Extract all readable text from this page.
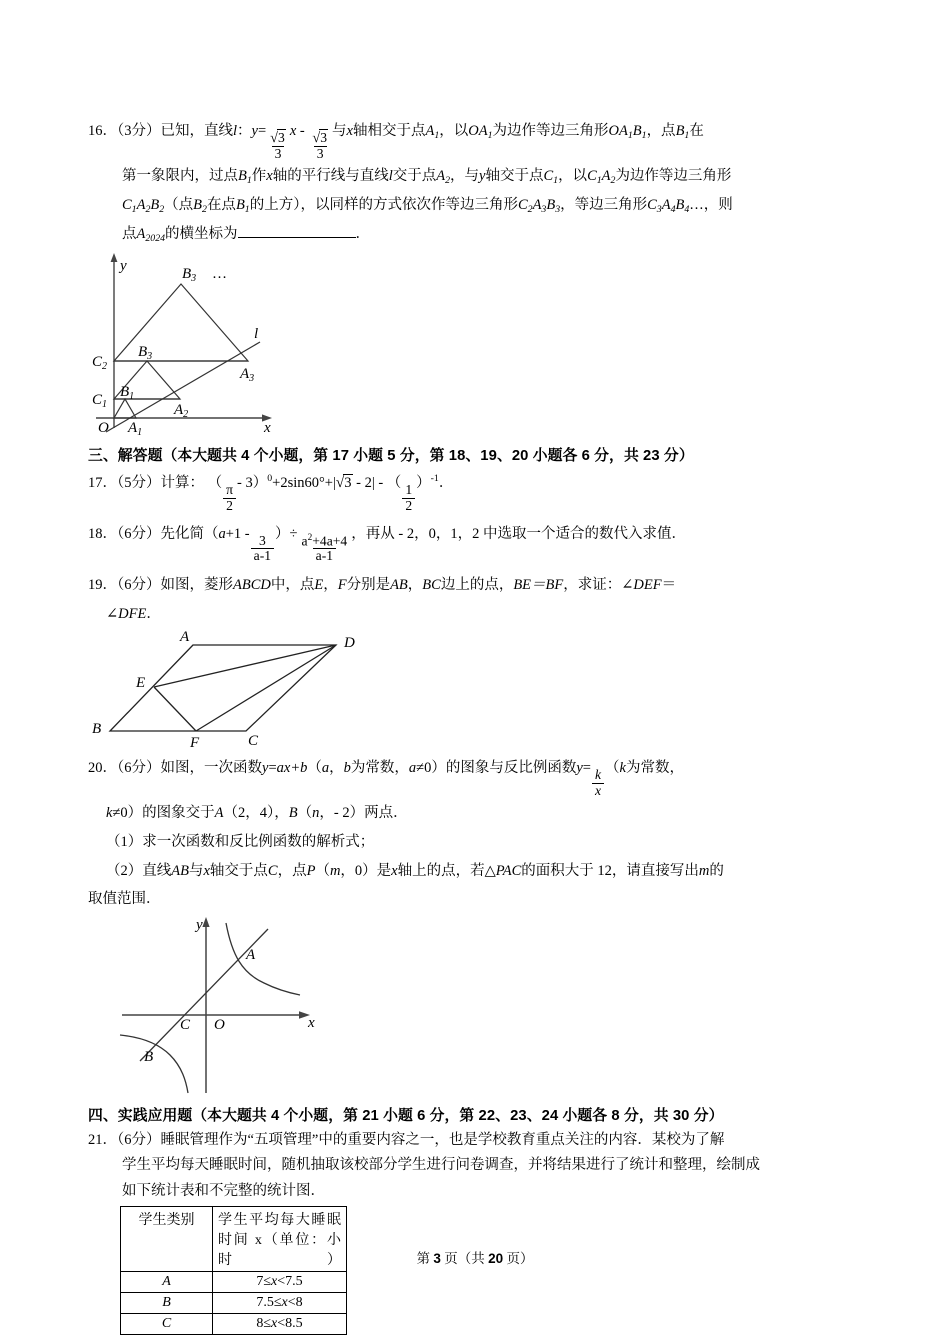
16．（3分）已知，直线l：y=
$\frac{√3}{3}$
x -
$\frac{√3}{3}$
与x轴相交于点$A_1$，以$OA_1$为边作等边三角形$OA_1B_1$，点$B_1$在
第一象限内，过点$B_1$作x轴的平行线与直线l交于点$A_2$，与y轴交于点$C_1$，以$C_1A_2$为边作等边三角形
$C_1A_2B_2$（点$B_2$在点$B_1$的上方），以同样的方式依次作等边三角形$C_2A_3B_3$，等边三角形$C_3A_4B_4\dots$，则
点$A_{2024}$的横坐标为	．
y
x
O
l
$A_1$
$A_2$
$A_3$
$B_1$
$B_3$
$B_3$
$C_1$
$C_2$
…
三、解答题（本大题共 4 个小题，第 17 小题 5 分，第 18、19、20 小题各 6 分，共 23 分）
17．（5分）计算： （
$\frac{\pi}{2}$
- 3）$^0$+2sin60°+|√3 - 2| - （
$\frac{1}{2}$
）$^{-1}$．
18．（6分）先化简（a+1 -
$\frac{3}{a-1}$
）÷ $\frac{a^2+4a+4}{a-1}$ ，再从 - 2，0，1，2 中选取一个适合的数代入求值．
19．（6分）如图，菱形ABCD中，点E，F分别是AB，BC边上的点，BE＝BF，求证：∠DEF＝
∠DFE．
A
B
C
D
E
F
20．（6分）如图，一次函数y=ax+b（a，b为常数，a≠0）的图象与反比例函数y=
$\frac{k}{x}$
（k为常数，
k≠0）的图象交于A（2，4），B（n，- 2）两点．
（1）求一次函数和反比例函数的解析式；
（2）直线AB与x轴交于点C，点P（m，0）是x轴上的点，若△PAC的面积大于 12，请直接写出m的
取值范围．
y
x
O
A
B
C
四、实践应用题（本大题共 4 个小题，第 21 小题 6 分，第 22、23、24 小题各 8 分，共 30 分）
21．（6分）睡眠管理作为“五项管理”中的重要内容之一，也是学校教育重点关注的内容．某校为了解
学生平均每天睡眠时间，随机抽取该校部分学生进行问卷调查，并将结果进行了统计和整理，绘制成
如下统计表和不完整的统计图．
学生类别	学生平均每大睡眠 时间 x（单位：小 时）
A	7≤x<7.5
B	7.5≤x<8
C	8≤x<8.5
第 3 页（共 20 页）
